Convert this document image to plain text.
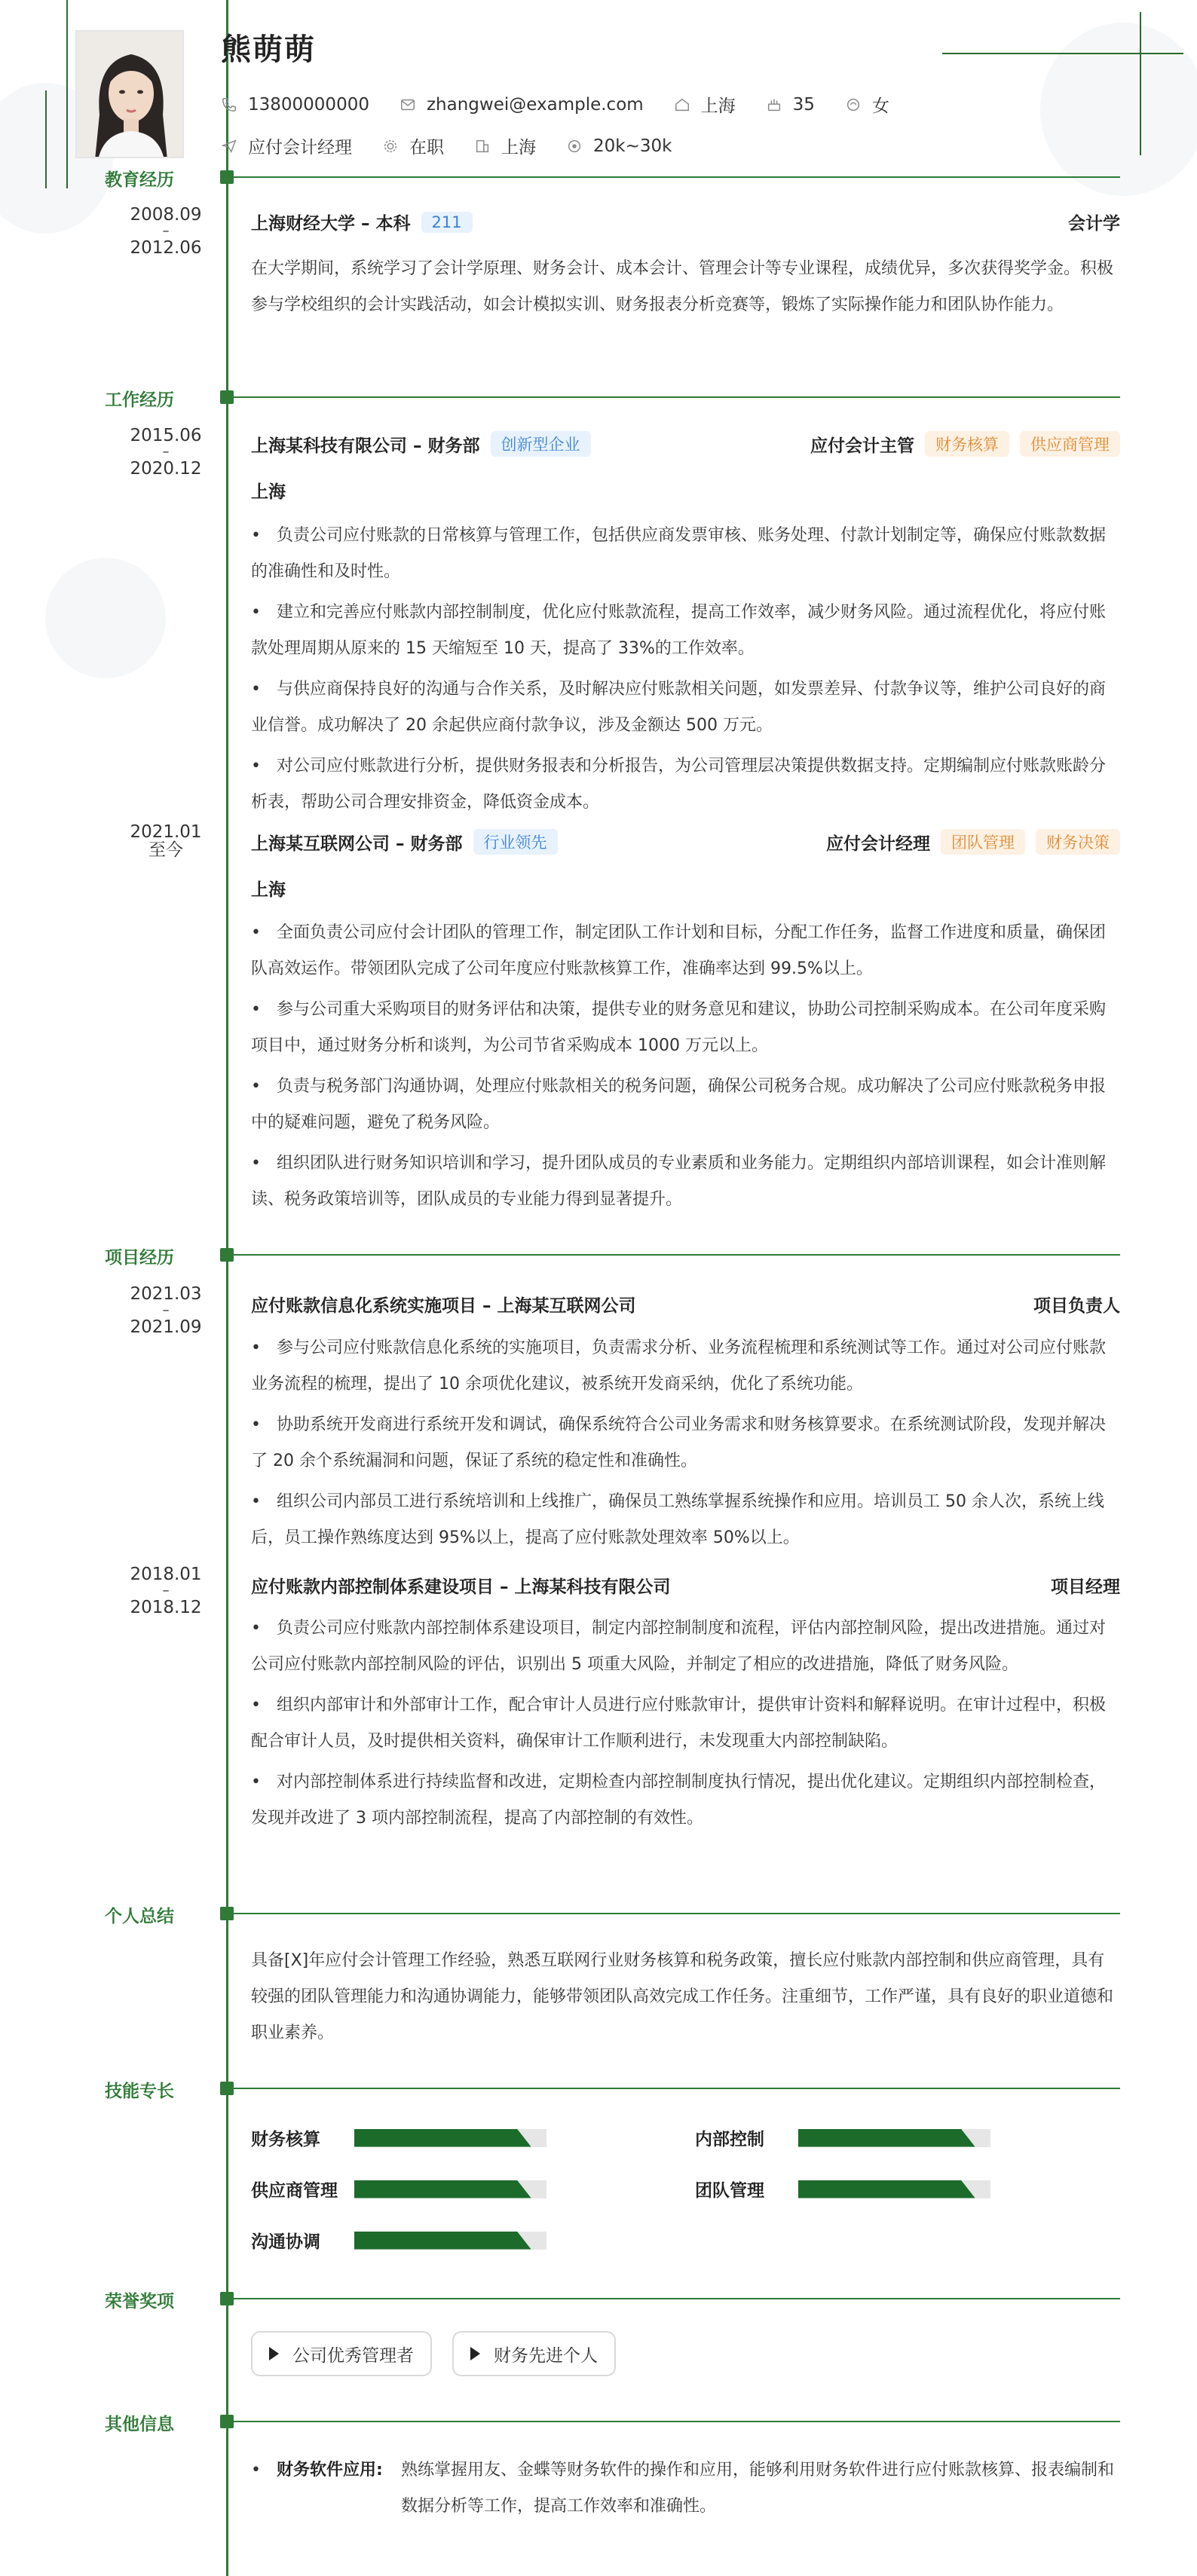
熊萌萌
13800000000	zhangwei@example.com	上海	35	女
应付会计经理	在职	上海	20k~30k
教育经历
2008.09
–
2012.06
上海财经大学 – 本科	211	会计学
在大学期间，系统学习了会计学原理、财务会计、成本会计、管理会计等专业课程，成绩优异，多次获得奖学金。积极参与学校组织的会计实践活动，如会计模拟实训、财务报表分析竞赛等，锻炼了实际操作能力和团队协作能力。
工作经历
2015.06
–
2020.12
上海某科技有限公司 – 财务部	创新型企业	应付会计主管	财务核算	供应商管理
上海
• 负责公司应付账款的日常核算与管理工作，包括供应商发票审核、账务处理、付款计划制定等，确保应付账款数据的准确性和及时性。
• 建立和完善应付账款内部控制制度，优化应付账款流程，提高工作效率，减少财务风险。通过流程优化，将应付账款处理周期从原来的 15 天缩短至 10 天，提高了 33%的工作效率。
• 与供应商保持良好的沟通与合作关系，及时解决应付账款相关问题，如发票差异、付款争议等，维护公司良好的商业信誉。成功解决了 20 余起供应商付款争议，涉及金额达 500 万元。
• 对公司应付账款进行分析，提供财务报表和分析报告，为公司管理层决策提供数据支持。定期编制应付账款账龄分析表，帮助公司合理安排资金，降低资金成本。
2021.01
至今	上海某互联网公司 – 财务部	行业领先	应付会计经理	团队管理	财务决策
上海
• 全面负责公司应付会计团队的管理工作，制定团队工作计划和目标，分配工作任务，监督工作进度和质量，确保团队高效运作。带领团队完成了公司年度应付账款核算工作，准确率达到 99.5%以上。
• 参与公司重大采购项目的财务评估和决策，提供专业的财务意见和建议，协助公司控制采购成本。在公司年度采购项目中，通过财务分析和谈判，为公司节省采购成本 1000 万元以上。
• 负责与税务部门沟通协调，处理应付账款相关的税务问题，确保公司税务合规。成功解决了公司应付账款税务申报中的疑难问题，避免了税务风险。
• 组织团队进行财务知识培训和学习，提升团队成员的专业素质和业务能力。定期组织内部培训课程，如会计准则解读、税务政策培训等，团队成员的专业能力得到显著提升。
项目经历
2021.03
–
2021.09
应付账款信息化系统实施项目 – 上海某互联网公司	项目负责人
• 参与公司应付账款信息化系统的实施项目，负责需求分析、业务流程梳理和系统测试等工作。通过对公司应付账款业务流程的梳理，提出了 10 余项优化建议，被系统开发商采纳，优化了系统功能。
• 协助系统开发商进行系统开发和调试，确保系统符合公司业务需求和财务核算要求。在系统测试阶段，发现并解决了 20 余个系统漏洞和问题，保证了系统的稳定性和准确性。
• 组织公司内部员工进行系统培训和上线推广，确保员工熟练掌握系统操作和应用。培训员工 50 余人次，系统上线后，员工操作熟练度达到 95%以上，提高了应付账款处理效率 50%以上。
2018.01
–
2018.12
应付账款内部控制体系建设项目 – 上海某科技有限公司	项目经理
• 负责公司应付账款内部控制体系建设项目，制定内部控制制度和流程，评估内部控制风险，提出改进措施。通过对公司应付账款内部控制风险的评估，识别出 5 项重大风险，并制定了相应的改进措施，降低了财务风险。
• 组织内部审计和外部审计工作，配合审计人员进行应付账款审计，提供审计资料和解释说明。在审计过程中，积极配合审计人员，及时提供相关资料，确保审计工作顺利进行，未发现重大内部控制缺陷。
• 对内部控制体系进行持续监督和改进，定期检查内部控制制度执行情况，提出优化建议。定期组织内部控制检查，发现并改进了 3 项内部控制流程，提高了内部控制的有效性。
个人总结
具备[X]年应付会计管理工作经验，熟悉互联网行业财务核算和税务政策，擅长应付账款内部控制和供应商管理，具有较强的团队管理能力和沟通协调能力，能够带领团队高效完成工作任务。注重细节，工作严谨，具有良好的职业道德和职业素养。
技能专长
财务核算	内部控制
供应商管理	团队管理
沟通协调
荣誉奖项
公司优秀管理者	财务先进个人
其他信息
• 财务软件应用: 熟练掌握用友、金蝶等财务软件的操作和应用，能够利用财务软件进行应付账款核算、报表编制和数据分析等工作，提高工作效率和准确性。
